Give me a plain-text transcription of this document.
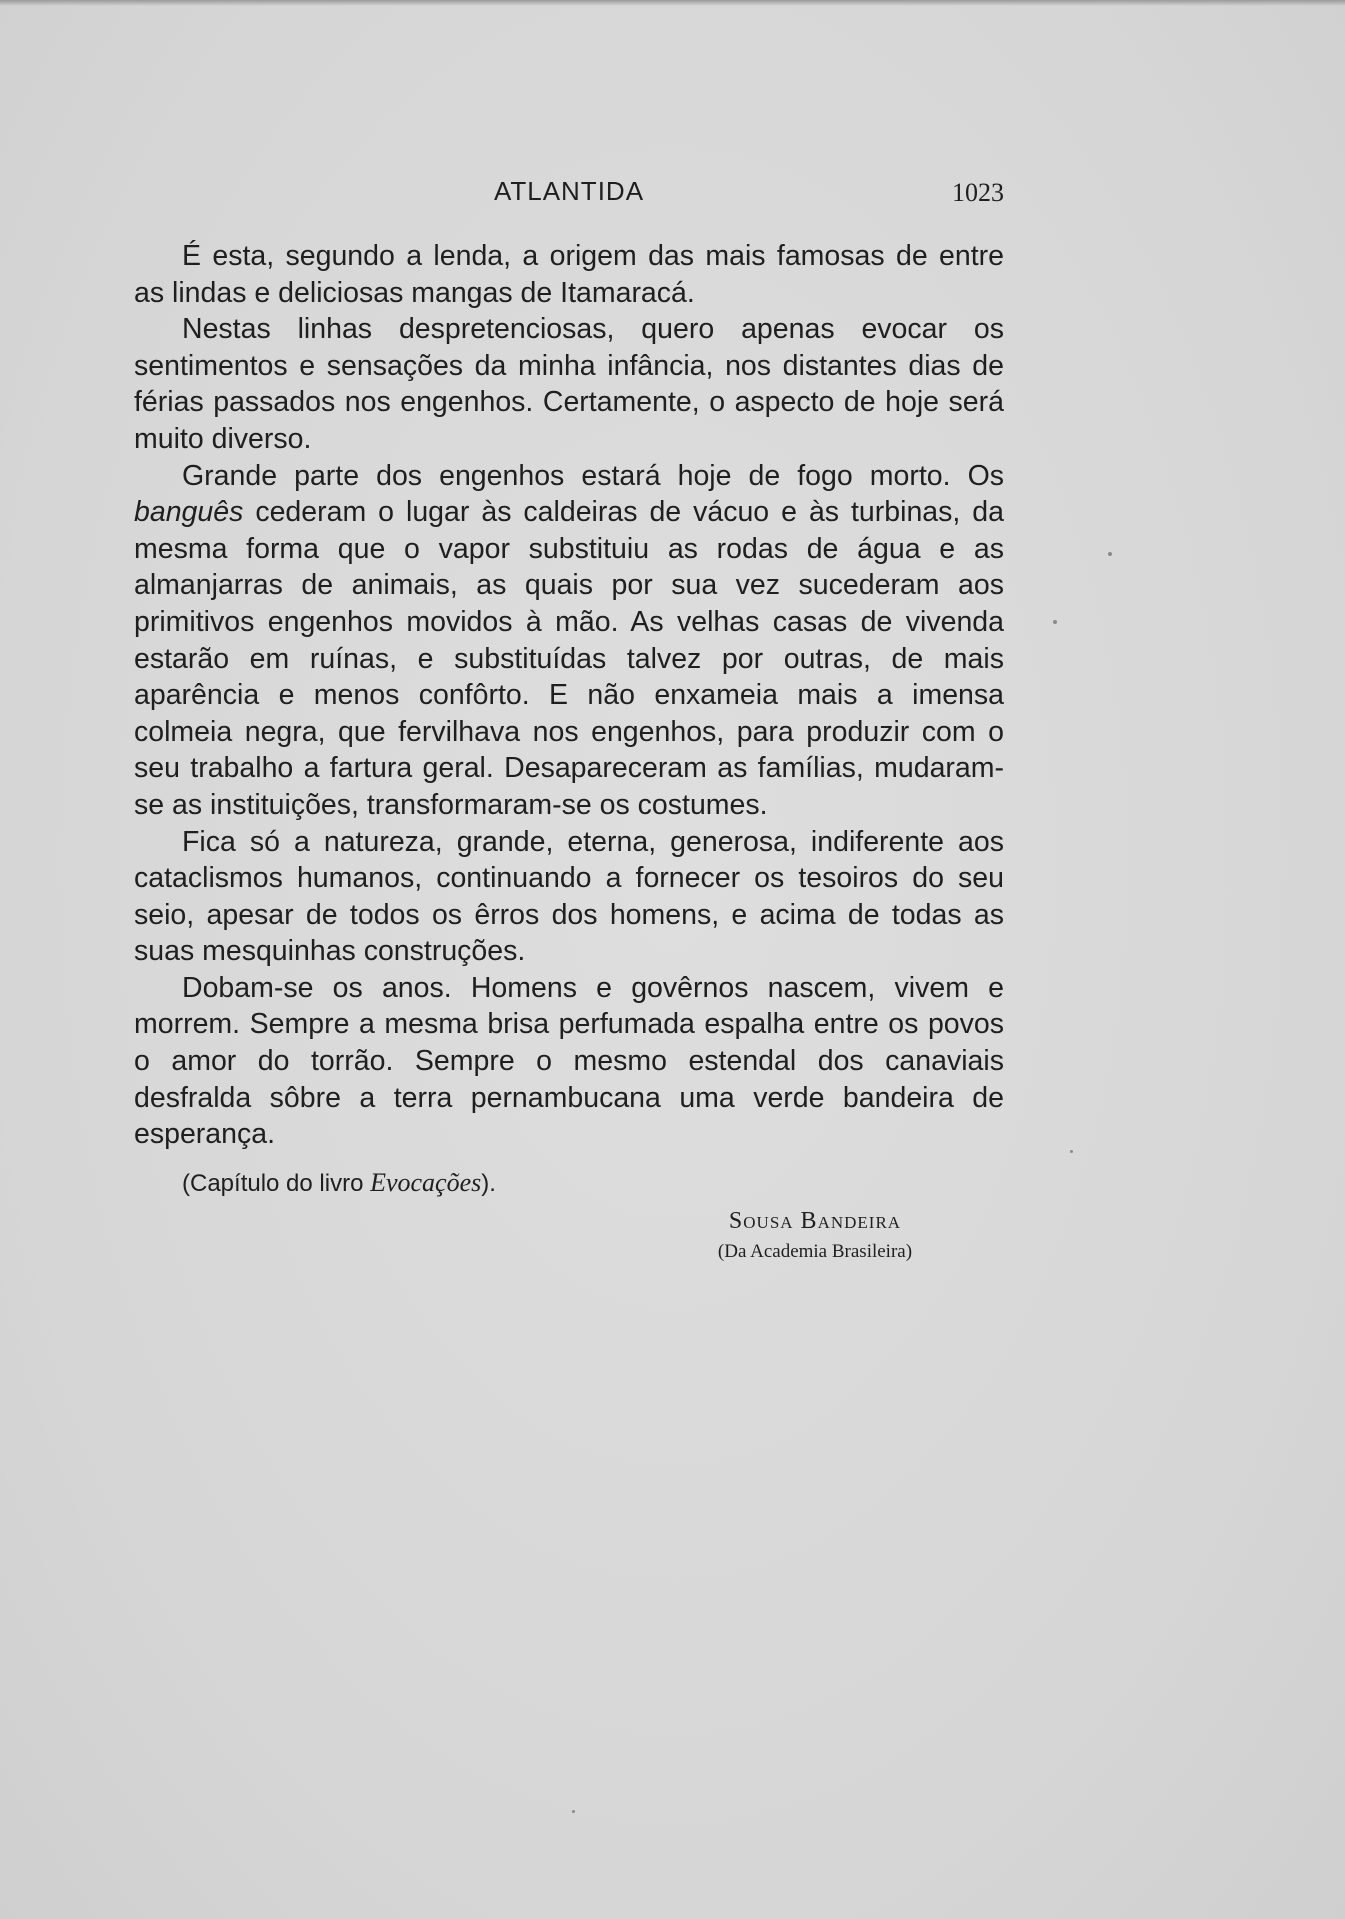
ATLANTIDA	1023

É esta, segundo a lenda, a origem das mais famosas de entre as lindas e deliciosas mangas de Itamaracá.

Nestas linhas despretenciosas, quero apenas evocar os sentimentos e sensações da minha infância, nos distantes dias de férias passados nos engenhos. Certamente, o aspecto de hoje será muito diverso.

Grande parte dos engenhos estará hoje de fogo morto. Os banguês cederam o lugar às caldeiras de vácuo e às turbinas, da mesma forma que o vapor substituiu as rodas de água e as almanjarras de animais, as quais por sua vez sucederam aos primitivos engenhos movidos à mão. As velhas casas de vivenda estarão em ruínas, e substituídas talvez por outras, de mais aparência e menos confôrto. E não enxameia mais a imensa colmeia negra, que fervilhava nos engenhos, para produzir com o seu trabalho a fartura geral. Desapareceram as famílias, mudaram-se as instituições, transformaram-se os costumes.

Fica só a natureza, grande, eterna, generosa, indiferente aos cataclismos humanos, continuando a fornecer os tesoiros do seu seio, apesar de todos os êrros dos homens, e acima de todas as suas mesquinhas construções.

Dobam-se os anos. Homens e govêrnos nascem, vivem e morrem. Sempre a mesma brisa perfumada espalha entre os povos o amor do torrão. Sempre o mesmo estendal dos canaviais desfralda sôbre a terra pernambucana uma verde bandeira de esperança.

(Capítulo do livro Evocações).
Sousa Bandeira
(Da Academia Brasileira)
